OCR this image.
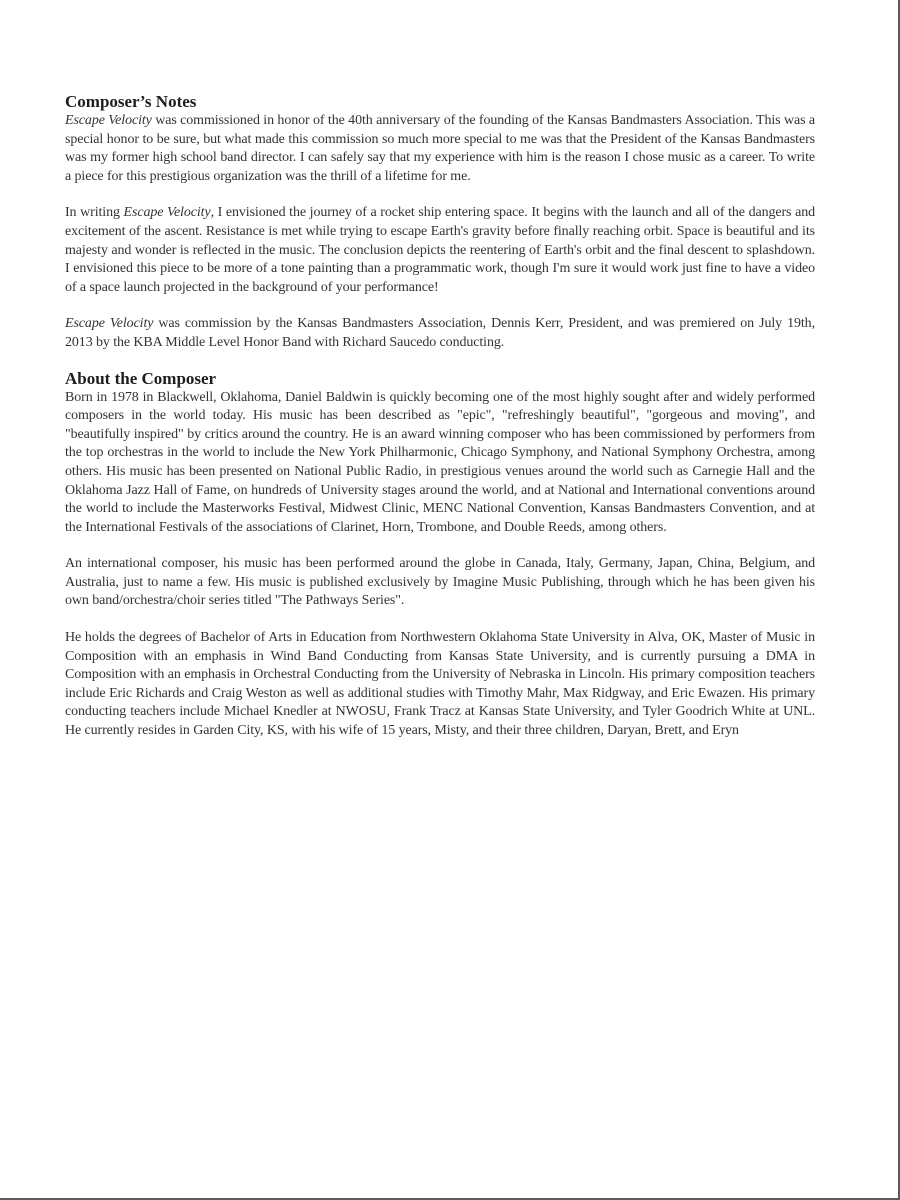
Composer’s Notes

Escape Velocity was commissioned in honor of the 40th anniversary of the founding of the Kansas Bandmasters Association. This was a special honor to be sure, but what made this commission so much more special to me was that the President of the Kansas Bandmasters was my former high school band director. I can safely say that my experience with him is the reason I chose music as a career. To write a piece for this prestigious organization was the thrill of a lifetime for me.

In writing Escape Velocity, I envisioned the journey of a rocket ship entering space. It begins with the launch and all of the dangers and excitement of the ascent. Resistance is met while trying to escape Earth's gravity before finally reaching orbit. Space is beautiful and its majesty and wonder is reflected in the music. The conclusion depicts the reentering of Earth's orbit and the final descent to splashdown. I envisioned this piece to be more of a tone painting than a programmatic work, though I'm sure it would work just fine to have a video of a space launch projected in the background of your performance!

Escape Velocity was commission by the Kansas Bandmasters Association, Dennis Kerr, President, and was premiered on July 19th, 2013 by the KBA Middle Level Honor Band with Richard Saucedo conducting.

About the Composer

Born in 1978 in Blackwell, Oklahoma, Daniel Baldwin is quickly becoming one of the most highly sought after and widely performed composers in the world today. His music has been described as "epic", "refreshingly beautiful", "gorgeous and moving", and "beautifully inspired" by critics around the country. He is an award winning composer who has been commissioned by performers from the top orchestras in the world to include the New York Philharmonic, Chicago Symphony, and National Symphony Orchestra, among others. His music has been presented on National Public Radio, in prestigious venues around the world such as Carnegie Hall and the Oklahoma Jazz Hall of Fame, on hundreds of University stages around the world, and at National and International conventions around the world to include the Masterworks Festival, Midwest Clinic, MENC National Convention, Kansas Bandmasters Convention, and at the International Festivals of the associations of Clarinet, Horn, Trombone, and Double Reeds, among others.

An international composer, his music has been performed around the globe in Canada, Italy, Germany, Japan, China, Belgium, and Australia, just to name a few. His music is published exclusively by Imagine Music Publishing, through which he has been given his own band/orchestra/choir series titled "The Pathways Series".

He holds the degrees of Bachelor of Arts in Education from Northwestern Oklahoma State University in Alva, OK, Master of Music in Composition with an emphasis in Wind Band Conducting from Kansas State University, and is currently pursuing a DMA in Composition with an emphasis in Orchestral Conducting from the University of Nebraska in Lincoln. His primary composition teachers include Eric Richards and Craig Weston as well as additional studies with Timothy Mahr, Max Ridgway, and Eric Ewazen. His primary conducting teachers include Michael Knedler at NWOSU, Frank Tracz at Kansas State University, and Tyler Goodrich White at UNL. He currently resides in Garden City, KS, with his wife of 15 years, Misty, and their three children, Daryan, Brett, and Eryn
